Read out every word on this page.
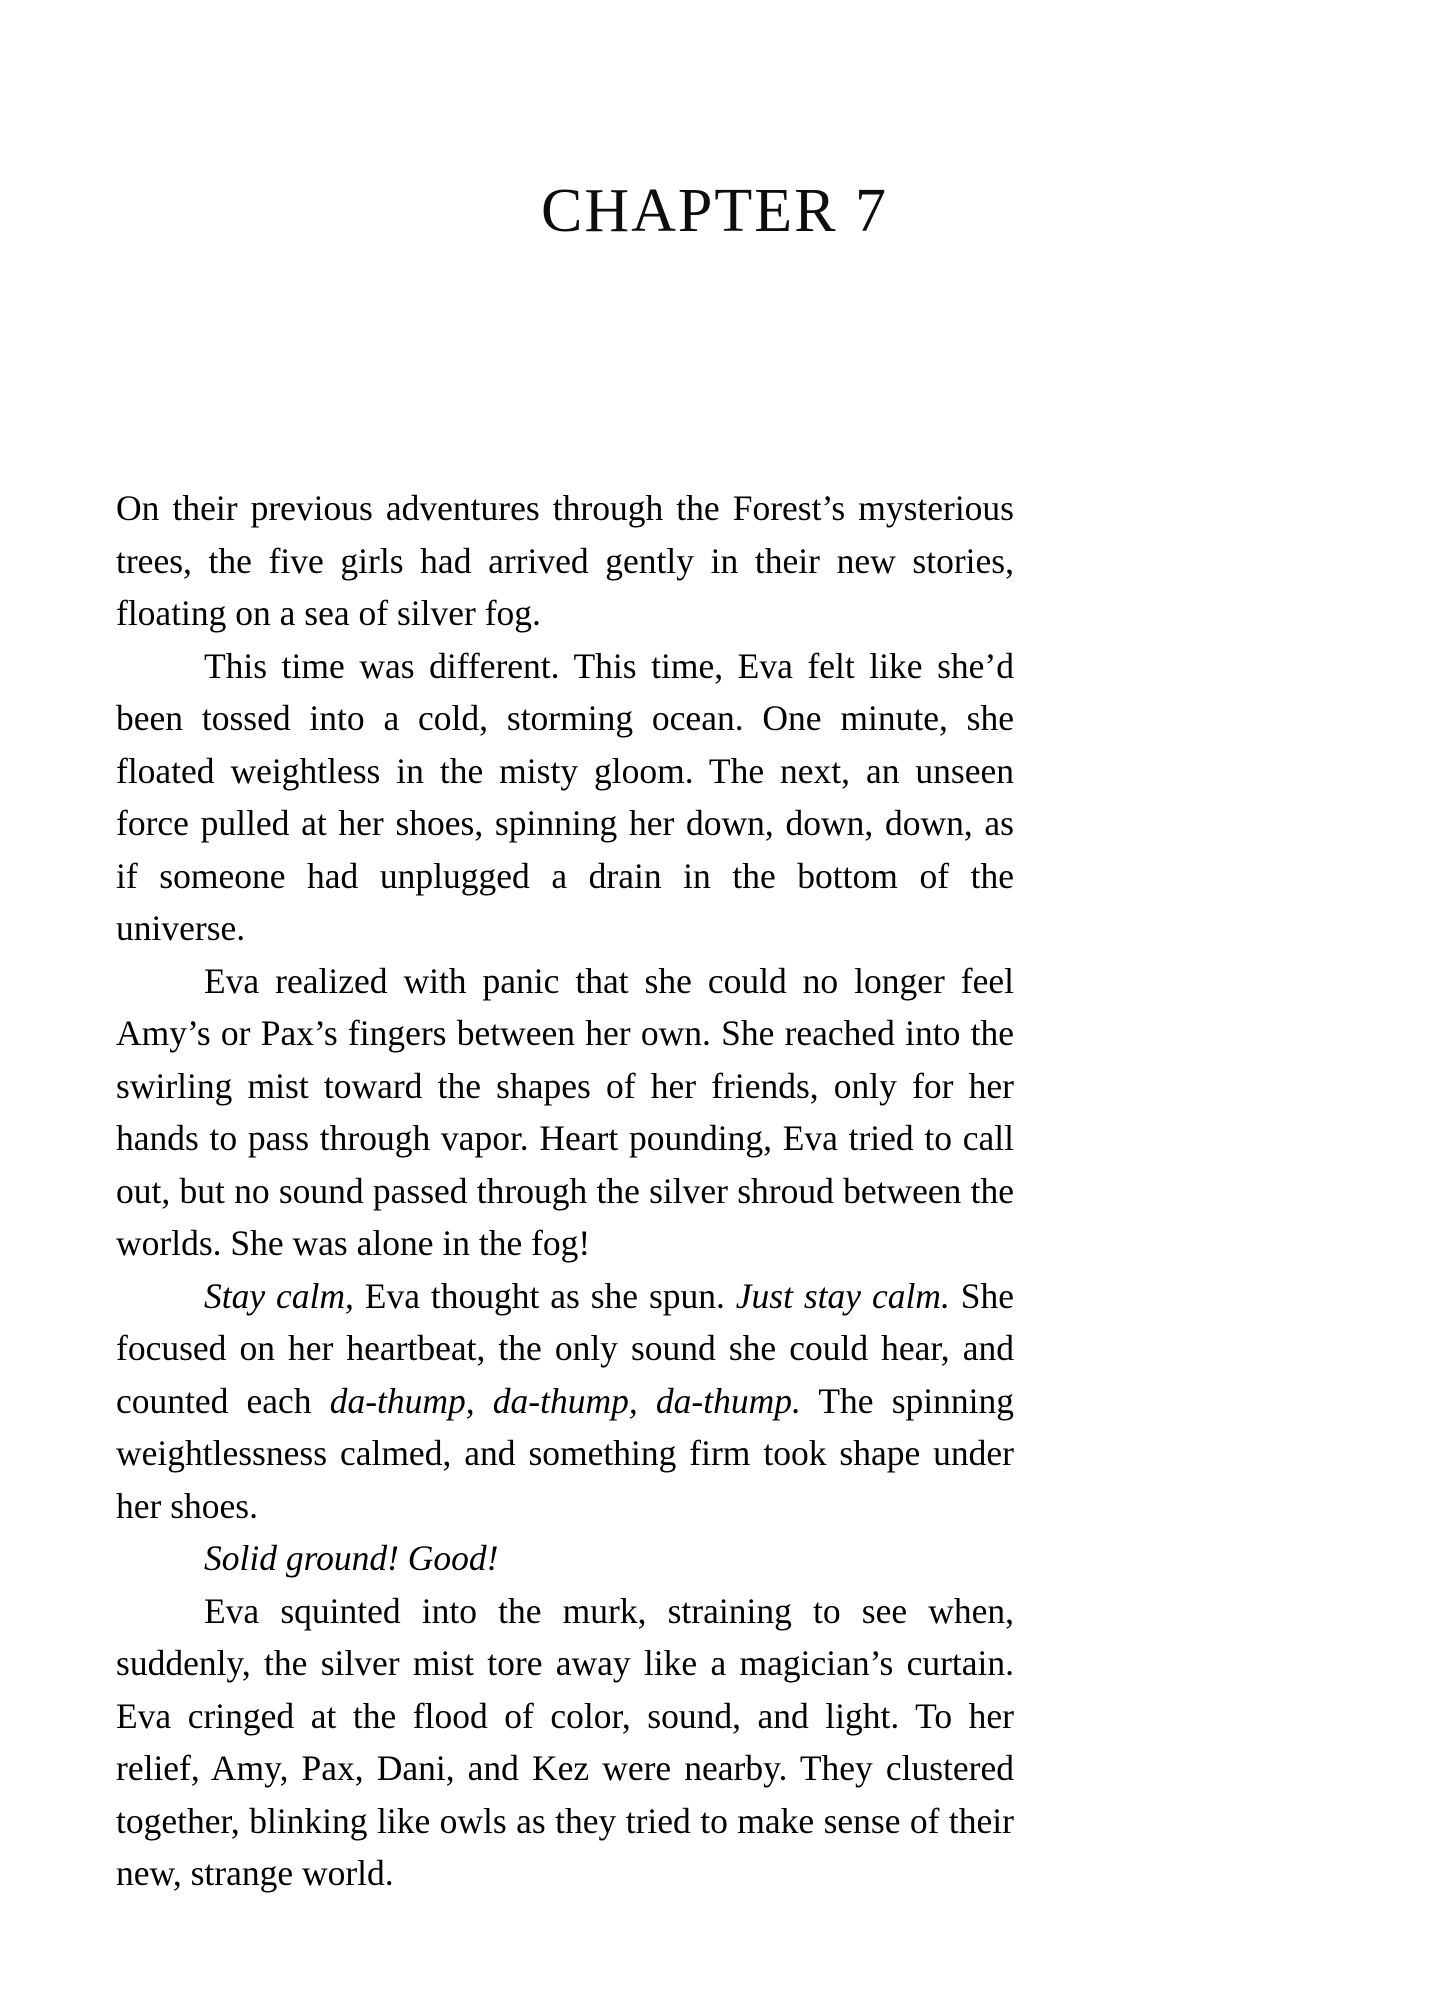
CHAPTER 7

On their previous adventures through the Forest’s mysterious trees, the five girls had arrived gently in their new stories, floating on a sea of silver fog.

This time was different. This time, Eva felt like she’d been tossed into a cold, storming ocean. One minute, she floated weightless in the misty gloom. The next, an unseen force pulled at her shoes, spinning her down, down, down, as if someone had unplugged a drain in the bottom of the universe.

Eva realized with panic that she could no longer feel Amy’s or Pax’s fingers between her own. She reached into the swirling mist toward the shapes of her friends, only for her hands to pass through vapor. Heart pounding, Eva tried to call out, but no sound passed through the silver shroud between the worlds. She was alone in the fog!

Stay calm, Eva thought as she spun. Just stay calm. She focused on her heartbeat, the only sound she could hear, and counted each da-thump, da-thump, da-thump. The spinning weightlessness calmed, and something firm took shape under her shoes.

Solid ground! Good!

Eva squinted into the murk, straining to see when, suddenly, the silver mist tore away like a magician’s curtain. Eva cringed at the flood of color, sound, and light. To her relief, Amy, Pax, Dani, and Kez were nearby. They clustered together, blinking like owls as they tried to make sense of their new, strange world.
